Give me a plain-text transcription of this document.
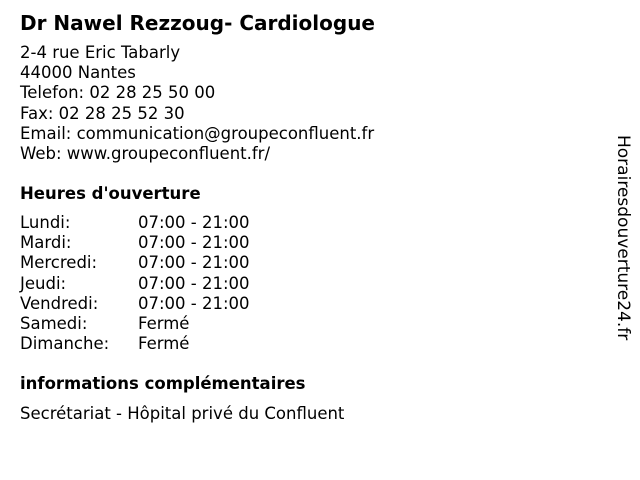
Dr Nawel Rezzoug- Cardiologue
2-4 rue Eric Tabarly
44000 Nantes
Telefon: 02 28 25 50 00
Fax: 02 28 25 52 30
Email: communication@groupeconfluent.fr
Web: www.groupeconfluent.fr/
Heures d'ouverture
Lundi:	07:00 - 21:00
Mardi:	07:00 - 21:00
Mercredi:	07:00 - 21:00
Jeudi:	07:00 - 21:00
Vendredi:	07:00 - 21:00
Samedi:	Fermé
Dimanche:	Fermé
informations complémentaires
Secrétariat - Hôpital privé du Confluent
Horairesdouverture24.fr
